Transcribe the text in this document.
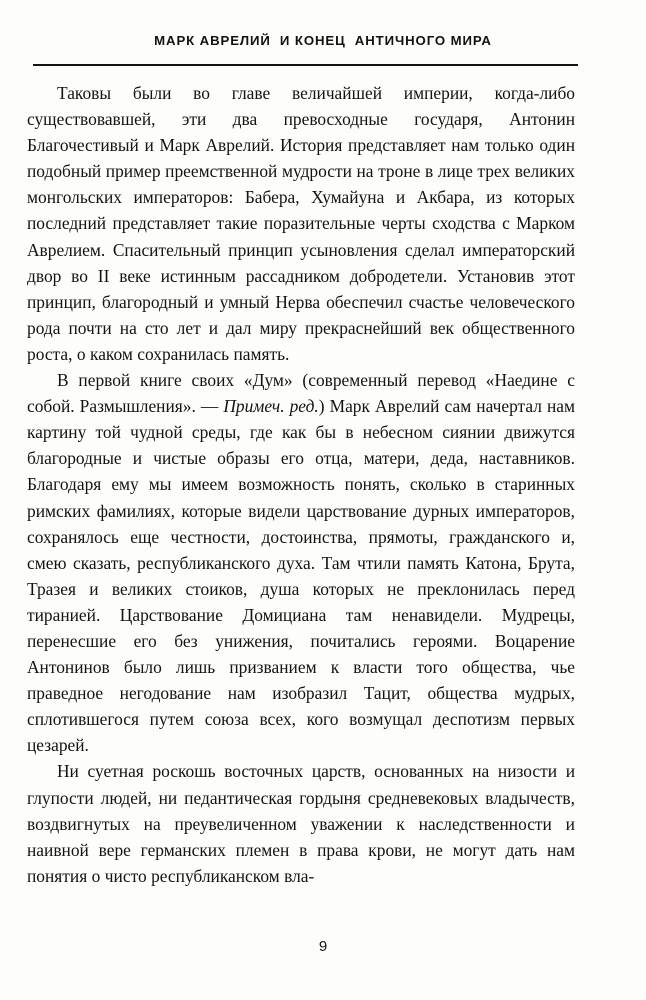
МАРК АВРЕЛИЙ  И КОНЕЦ  АНТИЧНОГО МИРА

Таковы были во главе величайшей империи, когда-либо существовавшей, эти два превосходные государя, Антонин Благочестивый и Марк Аврелий. История представляет нам только один подобный пример преемственной мудрости на троне в лице трех великих монгольских императоров: Бабера, Хумайуна и Акбара, из которых последний представляет такие поразительные черты сходства с Марком Аврелием. Спасительный принцип усыновления сделал императорский двор во II веке истинным рассадником добродетели. Установив этот принцип, благородный и умный Нерва обеспечил счастье человеческого рода почти на сто лет и дал миру прекраснейший век общественного роста, о каком сохранилась память.

В первой книге своих «Дум» (современный перевод «Наедине с собой. Размышления». — Примеч. ред.) Марк Аврелий сам начертал нам картину той чудной среды, где как бы в небесном сиянии движутся благородные и чистые образы его отца, матери, деда, наставников. Благодаря ему мы имеем возможность понять, сколько в старинных римских фамилиях, которые видели царствование дурных императоров, сохранялось еще честности, достоинства, прямоты, гражданского и, смею сказать, республиканского духа. Там чтили память Катона, Брута, Тразея и великих стоиков, душа которых не преклонилась перед тиранией. Царствование Домициана там ненавидели. Мудрецы, перенесшие его без унижения, почитались героями. Воцарение Антонинов было лишь призванием к власти того общества, чье праведное негодование нам изобразил Тацит, общества мудрых, сплотившегося путем союза всех, кого возмущал деспотизм первых цезарей.

Ни суетная роскошь восточных царств, основанных на низости и глупости людей, ни педантическая гордыня средневековых владычеств, воздвигнутых на преувеличенном уважении к наследственности и наивной вере германских племен в права крови, не могут дать нам понятия о чисто республиканском вла-

9
